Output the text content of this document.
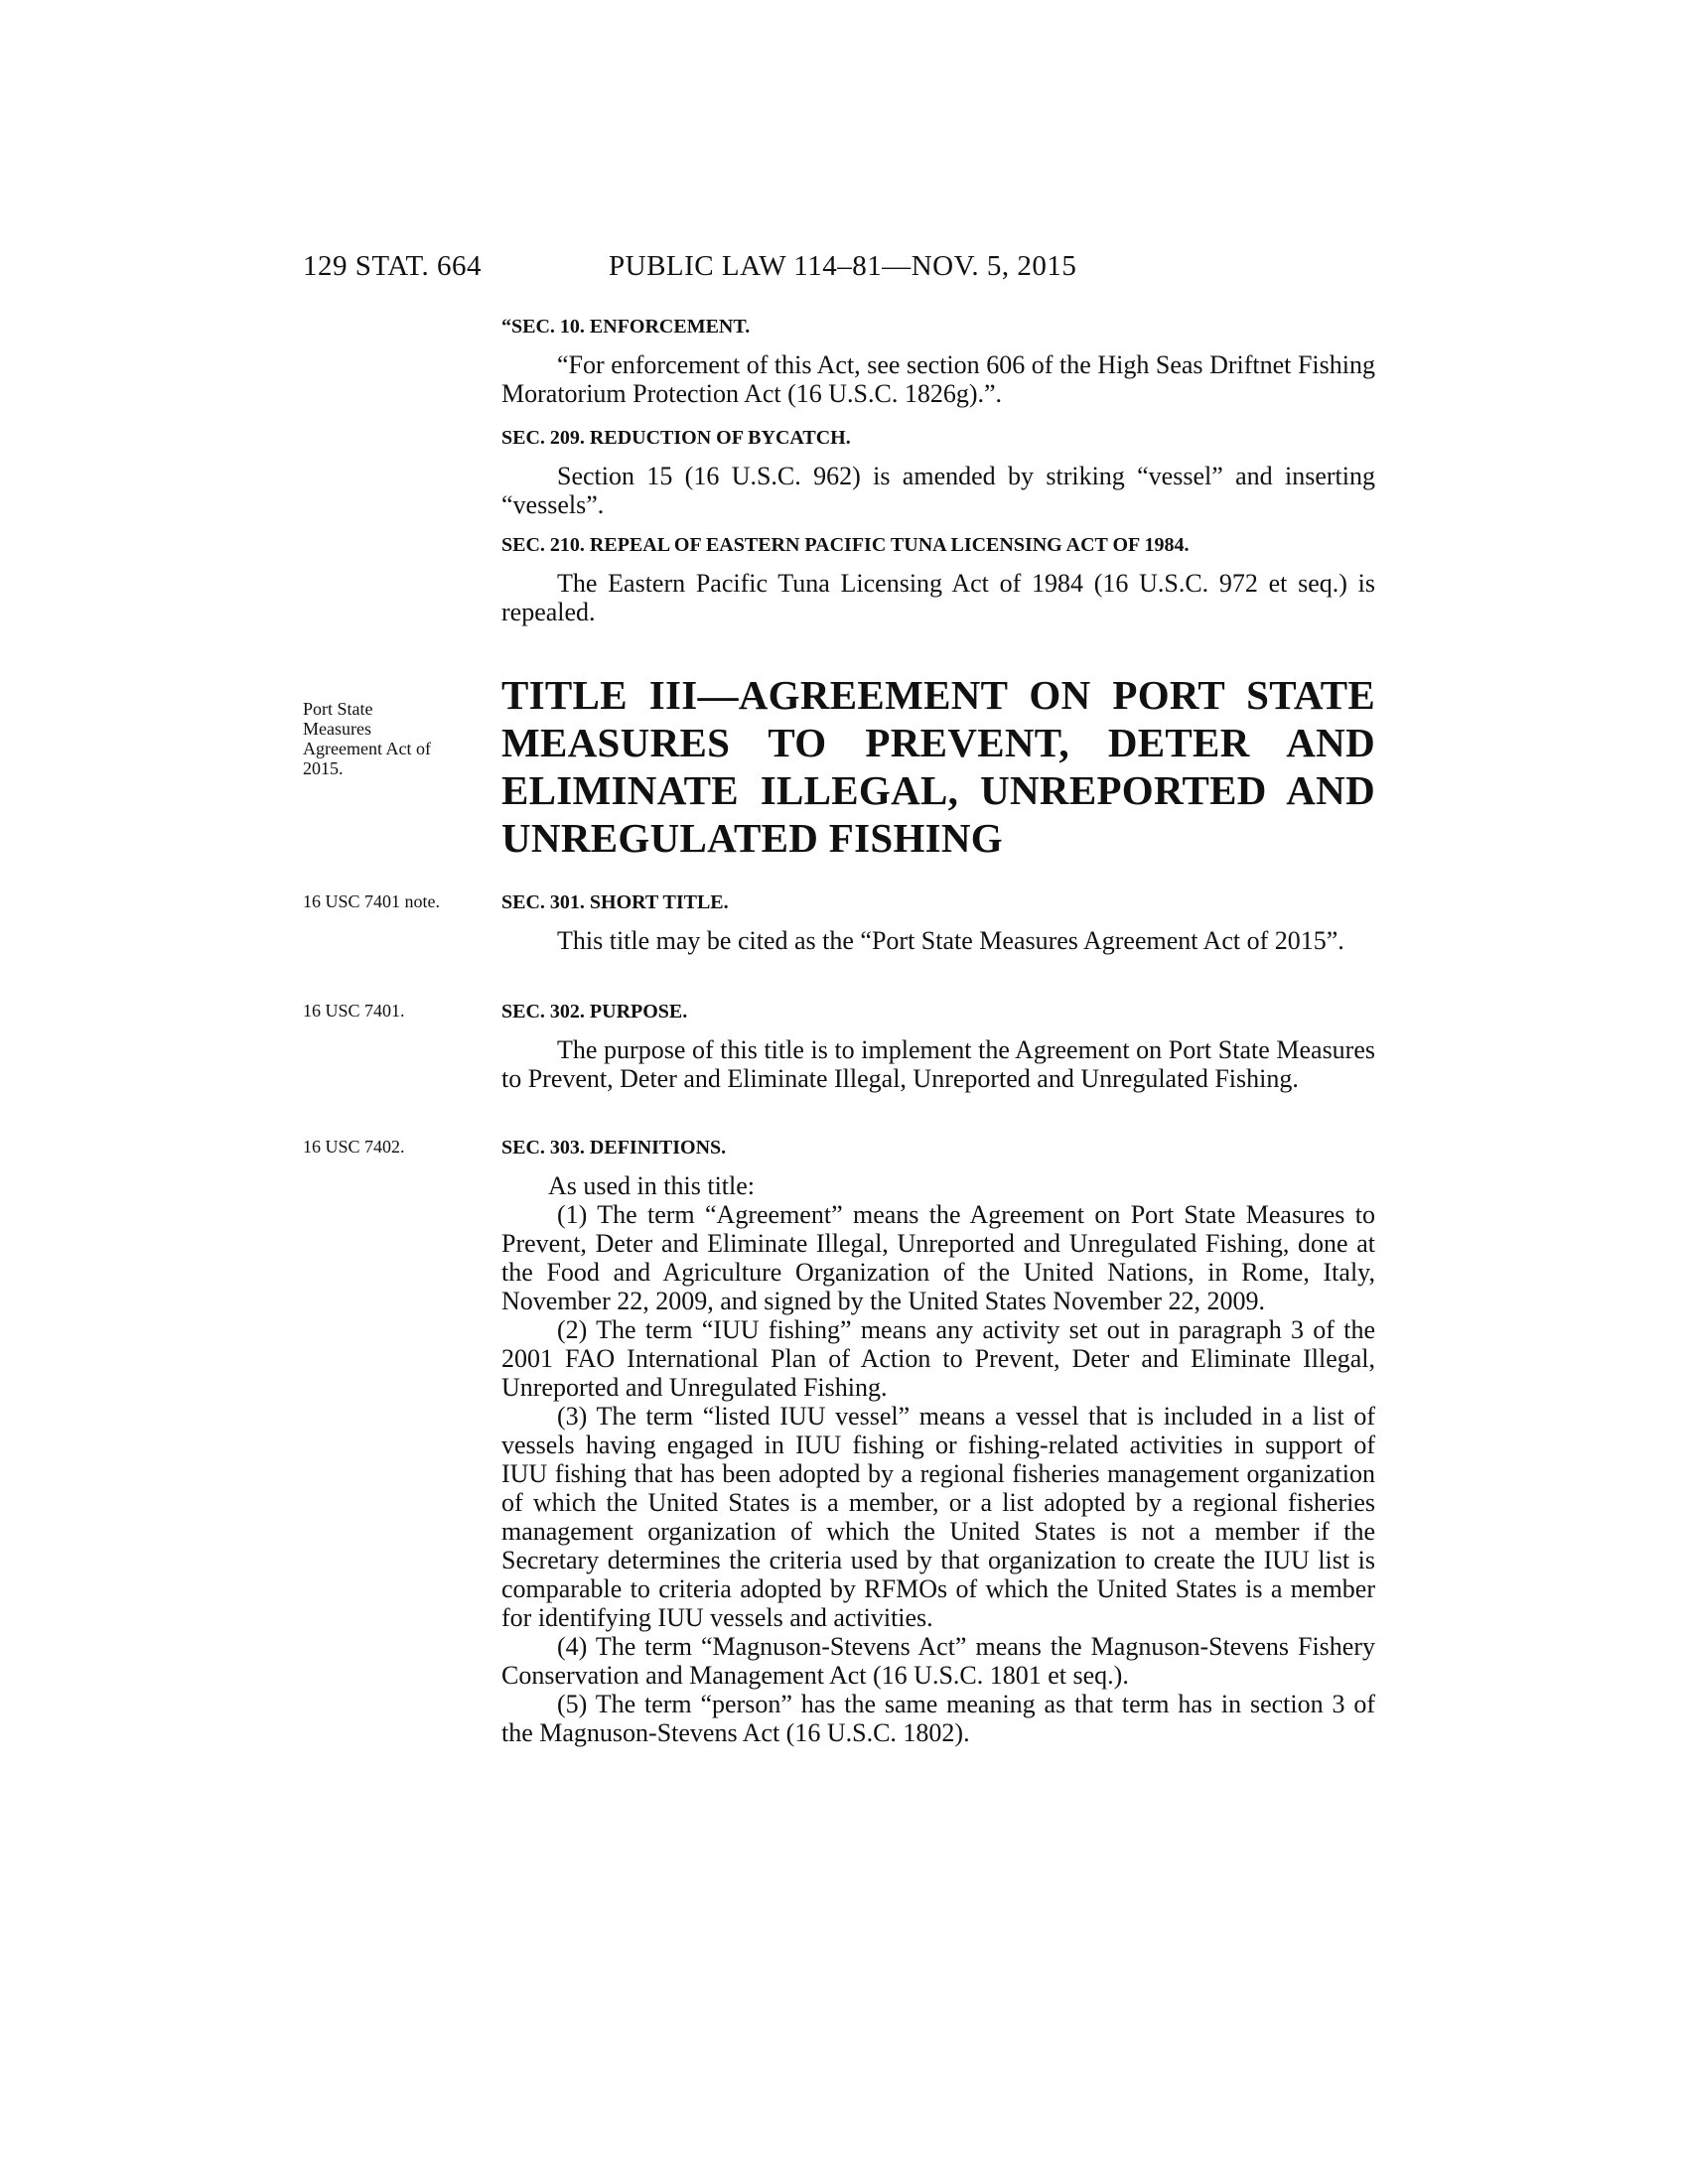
129 STAT. 664	PUBLIC LAW 114–81—NOV. 5, 2015

“SEC. 10. ENFORCEMENT.

“For enforcement of this Act, see section 606 of the High Seas Driftnet Fishing Moratorium Protection Act (16 U.S.C. 1826g).”.

SEC. 209. REDUCTION OF BYCATCH.

Section 15 (16 U.S.C. 962) is amended by striking “vessel” and inserting “vessels”.

SEC. 210. REPEAL OF EASTERN PACIFIC TUNA LICENSING ACT OF 1984.

The Eastern Pacific Tuna Licensing Act of 1984 (16 U.S.C. 972 et seq.) is repealed.

Port State Measures Agreement Act of 2015.
TITLE III—AGREEMENT ON PORT STATE MEASURES TO PREVENT, DETER AND ELIMINATE ILLEGAL, UNREPORTED AND UNREGULATED FISHING
16 USC 7401 note.	SEC. 301. SHORT TITLE.

This title may be cited as the “Port State Measures Agreement Act of 2015”.

16 USC 7401.	SEC. 302. PURPOSE.

The purpose of this title is to implement the Agreement on Port State Measures to Prevent, Deter and Eliminate Illegal, Unreported and Unregulated Fishing.

16 USC 7402.	SEC. 303. DEFINITIONS.

As used in this title:

(1) The term “Agreement” means the Agreement on Port State Measures to Prevent, Deter and Eliminate Illegal, Unreported and Unregulated Fishing, done at the Food and Agriculture Organization of the United Nations, in Rome, Italy, November 22, 2009, and signed by the United States November 22, 2009.

(2) The term “IUU fishing” means any activity set out in paragraph 3 of the 2001 FAO International Plan of Action to Prevent, Deter and Eliminate Illegal, Unreported and Unregulated Fishing.

(3) The term “listed IUU vessel” means a vessel that is included in a list of vessels having engaged in IUU fishing or fishing-related activities in support of IUU fishing that has been adopted by a regional fisheries management organization of which the United States is a member, or a list adopted by a regional fisheries management organization of which the United States is not a member if the Secretary determines the criteria used by that organization to create the IUU list is comparable to criteria adopted by RFMOs of which the United States is a member for identifying IUU vessels and activities.

(4) The term “Magnuson-Stevens Act” means the Magnuson-Stevens Fishery Conservation and Management Act (16 U.S.C. 1801 et seq.).

(5) The term “person” has the same meaning as that term has in section 3 of the Magnuson-Stevens Act (16 U.S.C. 1802).
